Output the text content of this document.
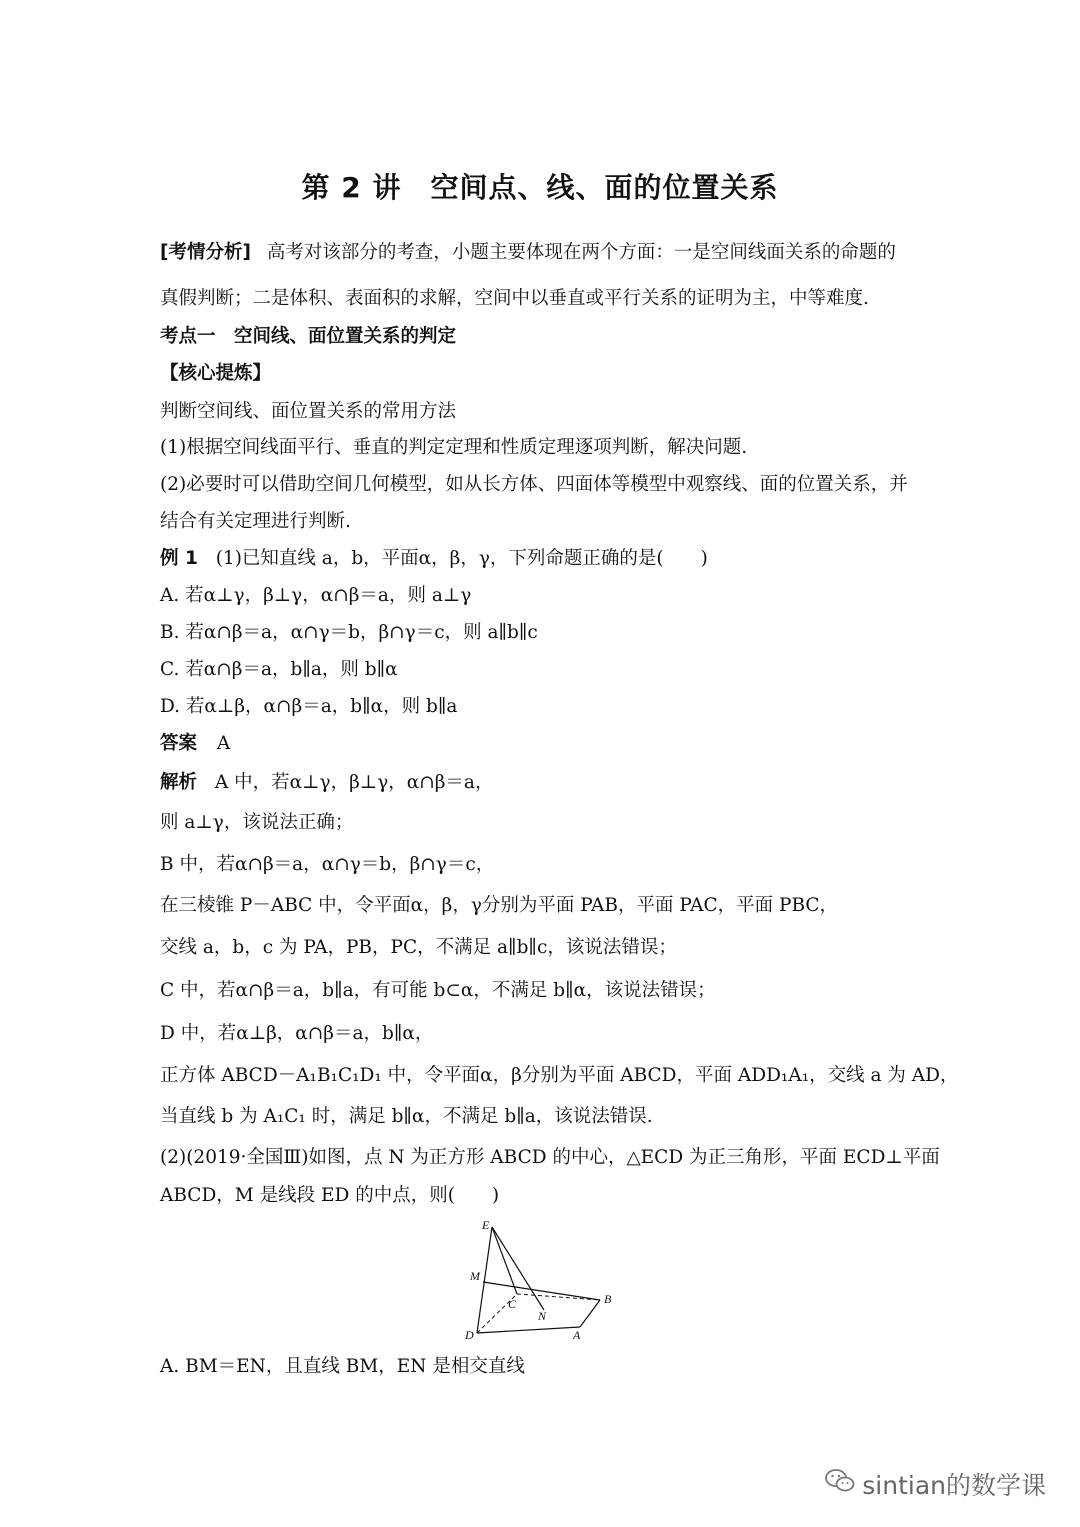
第 2 讲　空间点、线、面的位置关系
[考情分析] 高考对该部分的考查，小题主要体现在两个方面：一是空间线面关系的命题的
真假判断；二是体积、表面积的求解，空间中以垂直或平行关系的证明为主，中等难度.
考点一　空间线、面位置关系的判定
【核心提炼】
判断空间线、面位置关系的常用方法
(1)根据空间线面平行、垂直的判定定理和性质定理逐项判断，解决问题.
(2)必要时可以借助空间几何模型，如从长方体、四面体等模型中观察线、面的位置关系，并
结合有关定理进行判断.
例 1 (1)已知直线 a，b，平面α，β，γ，下列命题正确的是(　　)
A. 若α⊥γ，β⊥γ，α∩β＝a，则 a⊥γ
B. 若α∩β＝a，α∩γ＝b，β∩γ＝c，则 a∥b∥c
C. 若α∩β＝a，b∥a，则 b∥α
D. 若α⊥β，α∩β＝a，b∥α，则 b∥a
答案 A
解析 A 中，若α⊥γ，β⊥γ，α∩β＝a，
则 a⊥γ，该说法正确；
B 中，若α∩β＝a，α∩γ＝b，β∩γ＝c，
在三棱锥 P－ABC 中，令平面α，β，γ分别为平面 PAB，平面 PAC，平面 PBC，
交线 a，b，c 为 PA，PB，PC，不满足 a∥b∥c，该说法错误；
C 中，若α∩β＝a，b∥a，有可能 b⊂α，不满足 b∥α，该说法错误；
D 中，若α⊥β，α∩β＝a，b∥α，
正方体 ABCD－A₁B₁C₁D₁ 中，令平面α，β分别为平面 ABCD，平面 ADD₁A₁，交线 a 为 AD，
当直线 b 为 A₁C₁ 时，满足 b∥α，不满足 b∥a，该说法错误.
(2)(2019·全国Ⅲ)如图，点 N 为正方形 ABCD 的中心，△ECD 为正三角形，平面 ECD⊥平面
ABCD，M 是线段 ED 的中点，则(　　)
E
M
C
N
B
D	A
A. BM＝EN，且直线 BM，EN 是相交直线
sintian的数学课
